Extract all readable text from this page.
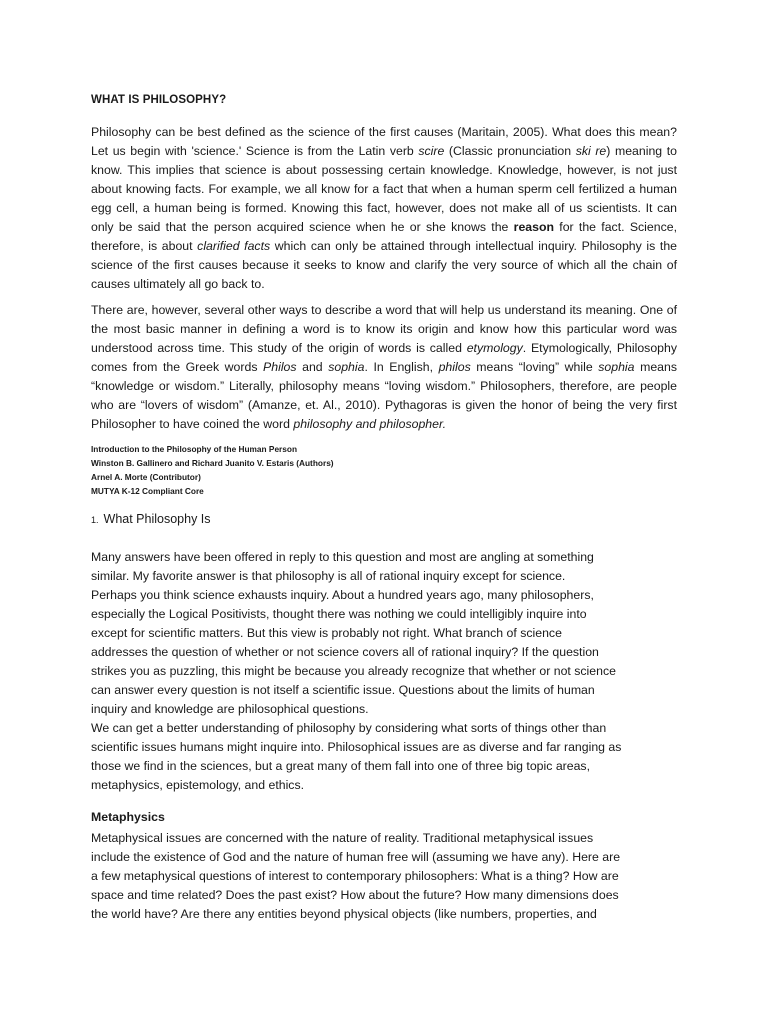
WHAT IS PHILOSOPHY?

Philosophy can be best defined as the science of the first causes (Maritain, 2005). What does this mean? Let us begin with 'science.' Science is from the Latin verb scire (Classic pronunciation ski re) meaning to know. This implies that science is about possessing certain knowledge. Knowledge, however, is not just about knowing facts. For example, we all know for a fact that when a human sperm cell fertilized a human egg cell, a human being is formed. Knowing this fact, however, does not make all of us scientists. It can only be said that the person acquired science when he or she knows the reason for the fact. Science, therefore, is about clarified facts which can only be attained through intellectual inquiry. Philosophy is the science of the first causes because it seeks to know and clarify the very source of which all the chain of causes ultimately all go back to.

There are, however, several other ways to describe a word that will help us understand its meaning. One of the most basic manner in defining a word is to know its origin and know how this particular word was understood across time. This study of the origin of words is called etymology. Etymologically, Philosophy comes from the Greek words Philos and sophia. In English, philos means “loving” while sophia means “knowledge or wisdom.” Literally, philosophy means “loving wisdom.” Philosophers, therefore, are people who are “lovers of wisdom” (Amanze, et. Al., 2010). Pythagoras is given the honor of being the very first Philosopher to have coined the word philosophy and philosopher.

Introduction to the Philosophy of the Human Person
Winston B. Gallinero and Richard Juanito V. Estaris (Authors)
Arnel A. Morte (Contributor)
MUTYA K-12 Compliant Core
1. What Philosophy Is
Many answers have been offered in reply to this question and most are angling at something
similar. My favorite answer is that philosophy is all of rational inquiry except for science.
Perhaps you think science exhausts inquiry. About a hundred years ago, many philosophers,
especially the Logical Positivists, thought there was nothing we could intelligibly inquire into
except for scientific matters. But this view is probably not right. What branch of science
addresses the question of whether or not science covers all of rational inquiry? If the question
strikes you as puzzling, this might be because you already recognize that whether or not science
can answer every question is not itself a scientific issue. Questions about the limits of human
inquiry and knowledge are philosophical questions.
We can get a better understanding of philosophy by considering what sorts of things other than
scientific issues humans might inquire into. Philosophical issues are as diverse and far ranging as
those we find in the sciences, but a great many of them fall into one of three big topic areas,
metaphysics, epistemology, and ethics.
Metaphysics
Metaphysical issues are concerned with the nature of reality. Traditional metaphysical issues
include the existence of God and the nature of human free will (assuming we have any). Here are
a few metaphysical questions of interest to contemporary philosophers: What is a thing? How are
space and time related? Does the past exist? How about the future? How many dimensions does
the world have? Are there any entities beyond physical objects (like numbers, properties, and
